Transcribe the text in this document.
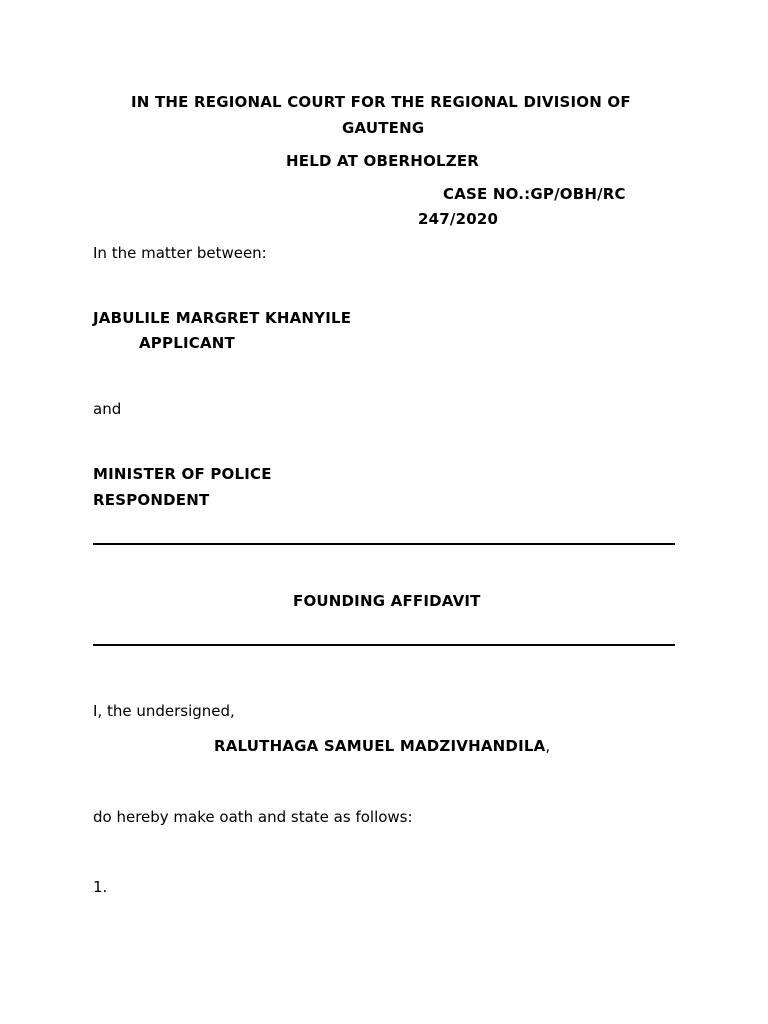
IN THE REGIONAL COURT FOR THE REGIONAL DIVISION OF
GAUTENG
HELD AT OBERHOLZER
CASE NO.:GP/OBH/RC
247/2020
In the matter between:
JABULILE MARGRET KHANYILE
APPLICANT
and
MINISTER OF POLICE
RESPONDENT
FOUNDING AFFIDAVIT
I, the undersigned,
RALUTHAGA SAMUEL MADZIVHANDILA,
do hereby make oath and state as follows:
1.
